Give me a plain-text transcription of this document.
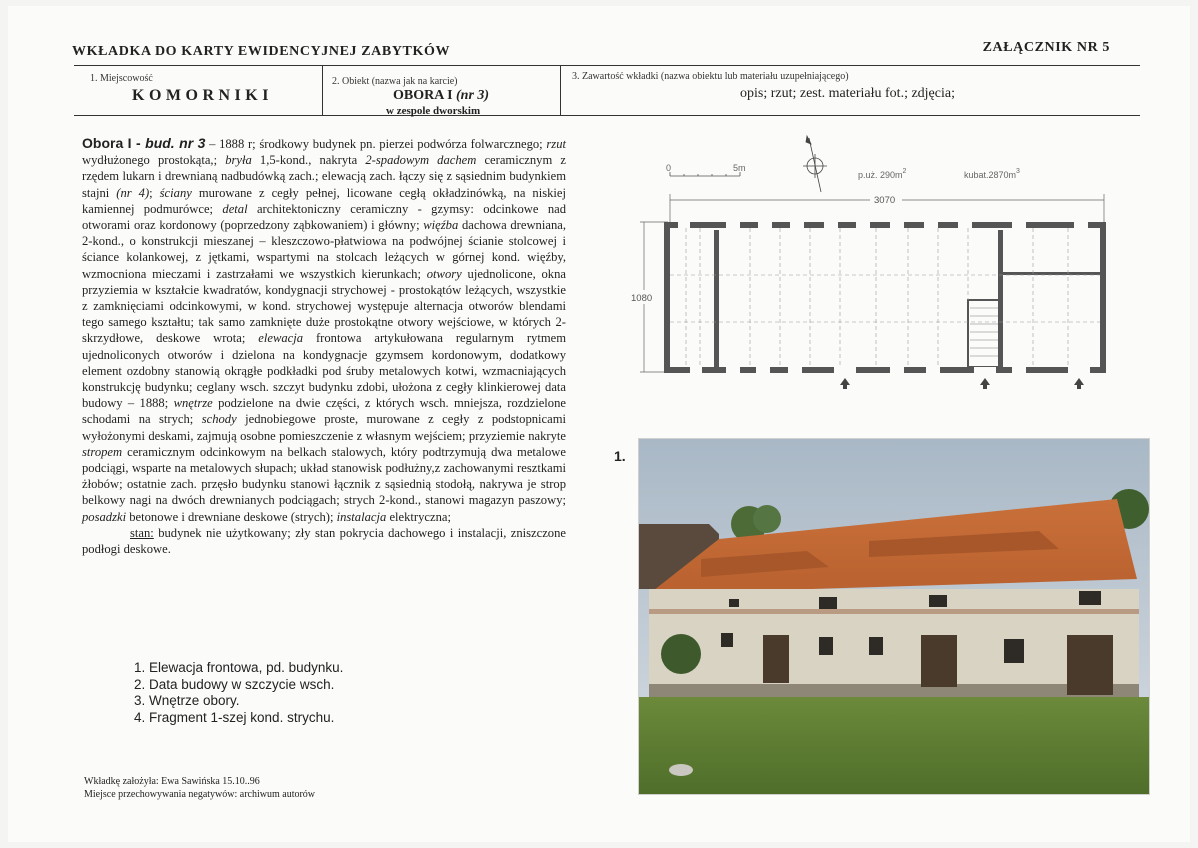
WKŁADKA DO KARTY EWIDENCYJNEJ ZABYTKÓW	ZAŁĄCZNIK NR 5
1. Miejscowość
KOMORNIKI
2. Obiekt (nazwa jak na karcie)
OBORA I (nr 3)
w zespole dworskim
3. Zawartość wkładki (nazwa obiektu lub materiału uzupełniającego)
opis; rzut; zest. materiału fot.; zdjęcia;
Obora I - bud. nr 3 – 1888 r; środkowy budynek pn. pierzei podwórza folwarcznego; rzut wydłużonego prostokąta,; bryła 1,5-kond., nakryta 2-spadowym dachem ceramicznym z rzędem lukarn i drewnianą nadbudówką zach.; elewacją zach. łączy się z sąsiednim budynkiem stajni (nr 4); ściany murowane z cegły pełnej, licowane cegłą okładzinówką, na niskiej kamiennej podmurówce; detal architektoniczny ceramiczny - gzymsy: odcinkowe nad otworami oraz kordonowy (poprzedzony ząbkowaniem) i główny; więźba dachowa drewniana, 2-kond., o konstrukcji mieszanej – kleszczowo-płatwiowa na podwójnej ścianie stolcowej i ściance kolankowej, z jętkami, wspartymi na stolcach leżących w górnej kond. więźby, wzmocniona mieczami i zastrzałami we wszystkich kierunkach; otwory ujednolicone, okna przyziemia w kształcie kwadratów, kondygnacji strychowej - prostokątów leżących, wszystkie z zamknięciami odcinkowymi, w kond. strychowej występuje alternacja otworów blendami tego samego kształtu; tak samo zamknięte duże prostokątne otwory wejściowe, w których 2-skrzydłowe, deskowe wrota; elewacja frontowa artykułowana regularnym rytmem ujednoliconych otworów i dzielona na kondygnacje gzymsem kordonowym, dodatkowy element ozdobny stanowią okrągłe podkładki pod śruby metalowych kotwi, wzmacniających konstrukcję budynku; ceglany wsch. szczyt budynku zdobi, ułożona z cegły klinkierowej data budowy – 1888; wnętrze podzielone na dwie części, z których wsch. mniejsza, rozdzielone schodami na strych; schody jednobiegowe proste, murowane z cegły z podstopnicami wyłożonymi deskami, zajmują osobne pomieszczenie z własnym wejściem; przyziemie nakryte stropem ceramicznym odcinkowym na belkach stalowych, który podtrzymują dwa metalowe podciągi, wsparte na metalowych słupach; układ stanowisk podłużny,z zachowanymi resztkami żłobów; ostatnie zach. przęsło budynku stanowi łącznik z sąsiednią stodołą, nakrywa je strop belkowy nagi na dwóch drewnianych podciągach; strych 2-kond., stanowi magazyn paszowy; posadzki betonowe i drewniane deskowe (strych); instalacja elektryczna;
stan: budynek nie użytkowany; zły stan pokrycia dachowego i instalacji, zniszczone podłogi deskowe.
1. Elewacja frontowa, pd. budynku.
2. Data budowy w szczycie wsch.
3. Wnętrze obory.
4. Fragment 1-szej kond. strychu.
Wkładkę założyła: Ewa Sawińska 15.10..96
Miejsce przechowywania negatywów: archiwum autorów
0	5m
p.uż. $290m^2$	$kubat.2870m^3$
3070
1080
1.
